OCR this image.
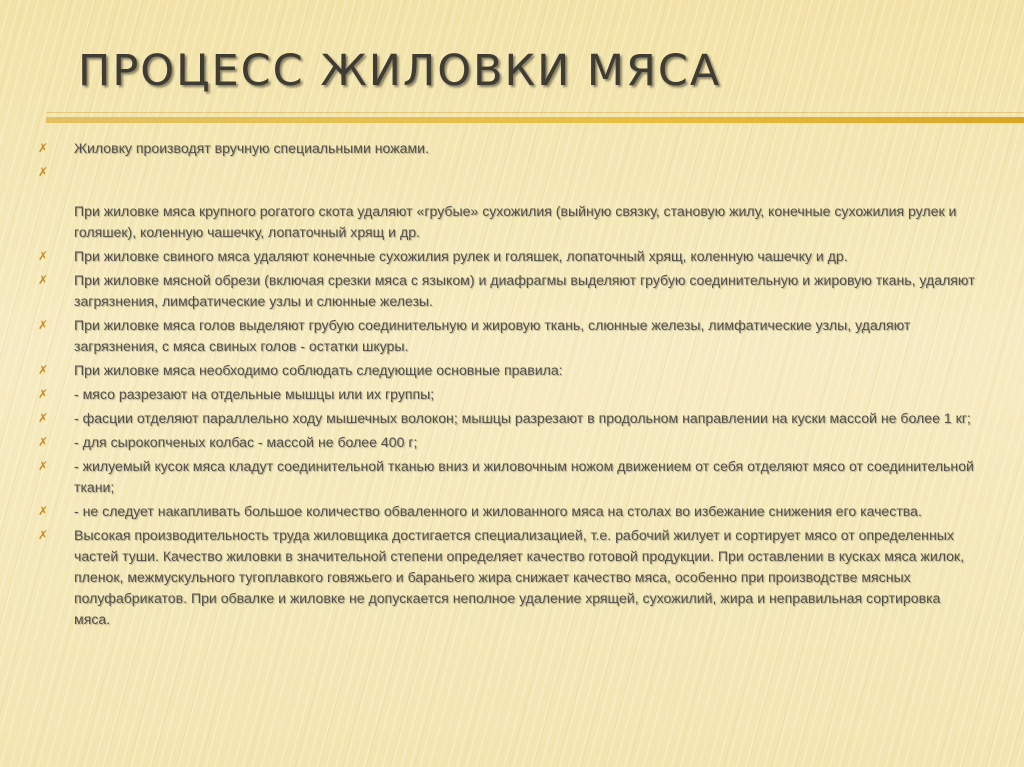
ПРОЦЕСС ЖИЛОВКИ МЯСА
✗ Жиловку производят вручную специальными ножами.
✗
При жиловке мяса крупного рогатого скота удаляют «грубые» сухожилия (выйную связку, становую жилу, конечные сухожилия рулек и голяшек), коленную чашечку, лопаточный хрящ и др.
✗ При жиловке свиного мяса удаляют конечные сухожилия рулек и голяшек, лопаточный хрящ, коленную чашечку и др.
✗ При жиловке мясной обрези (включая срезки мяса с языком) и диафрагмы выделяют грубую соединительную и жировую ткань, удаляют загрязнения, лимфатические узлы и слюнные железы.
✗ При жиловке мяса голов выделяют грубую соединительную и жировую ткань, слюнные железы, лимфатические узлы, удаляют загрязнения, с мяса свиных голов - остатки шкуры.
✗ При жиловке мяса необходимо соблюдать следующие основные правила:
✗ - мясо разрезают на отдельные мышцы или их группы;
✗ - фасции отделяют параллельно ходу мышечных волокон; мышцы разрезают в продольном направлении на куски массой не более 1 кг;
✗ - для сырокопченых колбас - массой не более 400 г;
✗ - жилуемый кусок мяса кладут соединительной тканью вниз и жиловочным ножом движением от себя отделяют мясо от соединительной ткани;
✗ - не следует накапливать большое количество обваленного и жилованного мяса на столах во избежание снижения его качества.
✗ Высокая производительность труда жиловщика достигается специализацией, т.е. рабочий жилует и сортирует мясо от определенных частей туши. Качество жиловки в значительной степени определяет качество готовой продукции. При оставлении в кусках мяса жилок, пленок, межмускульного тугоплавкого говяжьего и бараньего жира снижает качество мяса, особенно при производстве мясных полуфабрикатов. При обвалке и жиловке не допускается неполное удаление хрящей, сухожилий, жира и неправильная сортировка мяса.
